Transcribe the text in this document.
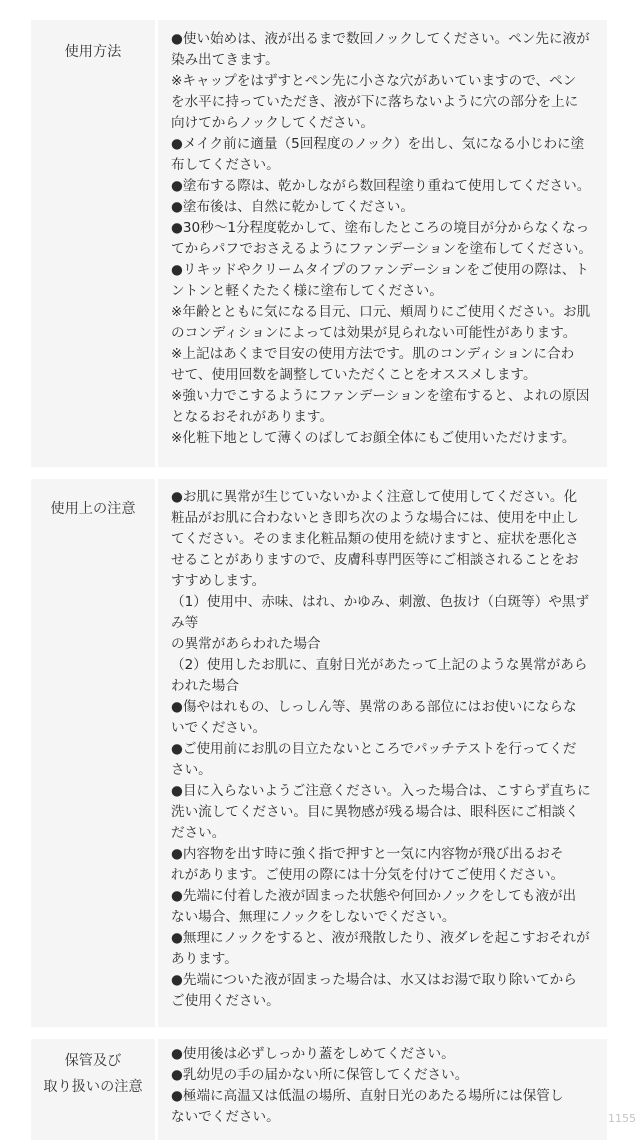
使用方法

●使い始めは、液が出るまで数回ノックしてください。ペン先に液が
染み出てきます。

※キャップをはずすとペン先に小さな穴があいていますので、ペン
を水平に持っていただき、液が下に落ちないように穴の部分を上に
向けてからノックしてください。

●メイク前に適量（5回程度のノック）を出し、気になる小じわに塗
布してください。

●塗布する際は、乾かしながら数回程塗り重ねて使用してください。

●塗布後は、自然に乾かしてください。

●30秒～1分程度乾かして、塗布したところの境目が分からなくなっ
てからパフでおさえるようにファンデーションを塗布してください。

●リキッドやクリームタイプのファンデーションをご使用の際は、ト
ントンと軽くたたく様に塗布してください。

※年齢とともに気になる目元、口元、頬周りにご使用ください。お肌
のコンディションによっては効果が見られない可能性があります。

※上記はあくまで目安の使用方法です。肌のコンディションに合わ
せて、使用回数を調整していただくことをオススメします。

※強い力でこするようにファンデーションを塗布すると、よれの原因
となるおそれがあります。

※化粧下地として薄くのばしてお顔全体にもご使用いただけます。

使用上の注意

●お肌に異常が生じていないかよく注意して使用してください。化
粧品がお肌に合わないとき即ち次のような場合には、使用を中止し
てください。そのまま化粧品類の使用を続けますと、症状を悪化さ
せることがありますので、皮膚科専門医等にご相談されることをお
すすめします。

（1）使用中、赤味、はれ、かゆみ、刺激、色抜け（白斑等）や黒ずみ等
の異常があらわれた場合

（2）使用したお肌に、直射日光があたって上記のような異常があら
われた場合

●傷やはれもの、しっしん等、異常のある部位にはお使いにならな
いでください。

●ご使用前にお肌の目立たないところでパッチテストを行ってくだ
さい。

●目に入らないようご注意ください。入った場合は、こすらず直ちに
洗い流してください。目に異物感が残る場合は、眼科医にご相談く
ださい。

●内容物を出す時に強く指で押すと一気に内容物が飛び出るおそ
れがあります。ご使用の際には十分気を付けてご使用ください。

●先端に付着した液が固まった状態や何回かノックをしても液が出
ない場合、無理にノックをしないでください。

●無理にノックをすると、液が飛散したり、液ダレを起こすおそれが
あります。

●先端についた液が固まった場合は、水又はお湯で取り除いてから
ご使用ください。

保管及び
取り扱いの注意

●使用後は必ずしっかり蓋をしめてください。

●乳幼児の手の届かない所に保管してください。

●極端に高温又は低温の場所、直射日光のあたる場所には保管し
ないでください。	1155
